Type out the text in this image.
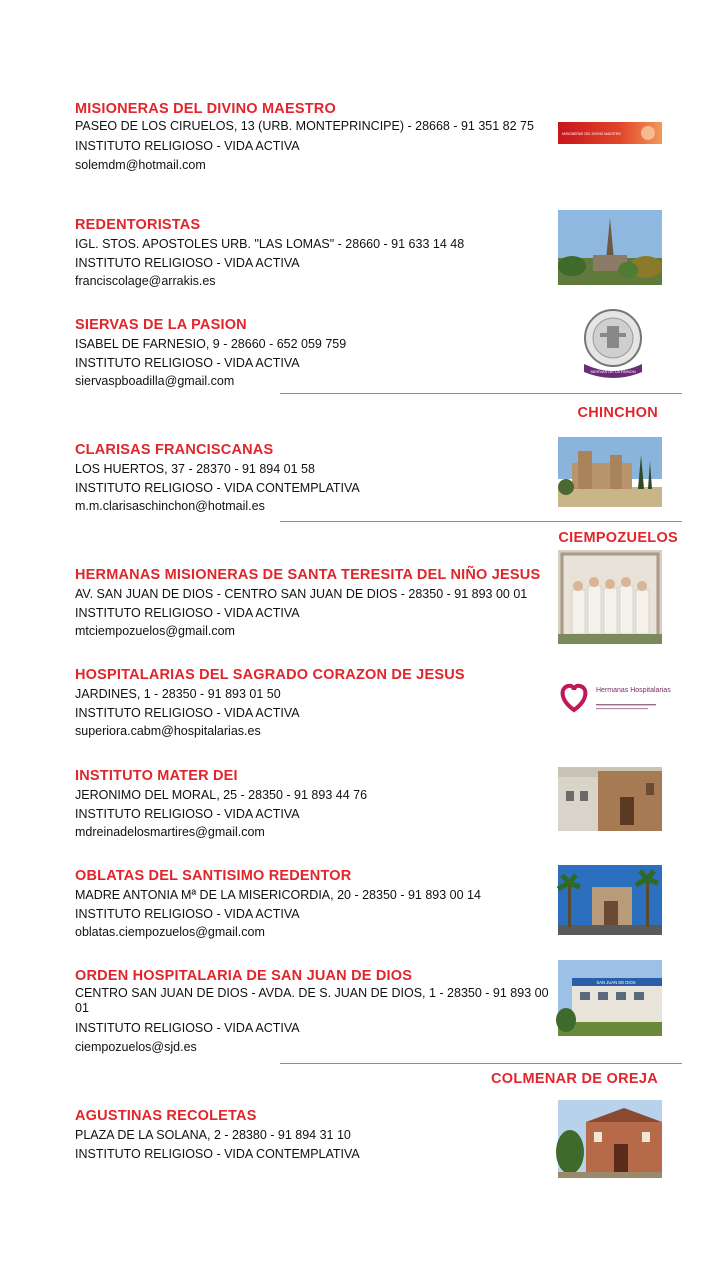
MISIONERAS DEL DIVINO MAESTRO

PASEO DE LOS CIRUELOS, 13 (URB. MONTEPRINCIPE) - 28668 - 91 351 82 75

INSTITUTO RELIGIOSO - VIDA ACTIVA

solemdm@hotmail.com

MISIONERAS DEL DIVINO MAESTRO

REDENTORISTAS

IGL. STOS. APOSTOLES URB. "LAS LOMAS" - 28660 - 91 633 14 48

INSTITUTO RELIGIOSO - VIDA ACTIVA

franciscolage@arrakis.es

SIERVAS DE LA PASION

ISABEL DE FARNESIO, 9 - 28660 - 652 059 759

INSTITUTO RELIGIOSO - VIDA ACTIVA

siervaspboadilla@gmail.com

SIERVAS DE LA PASION
CHINCHON

CLARISAS FRANCISCANAS

LOS HUERTOS, 37 - 28370 - 91 894 01 58

INSTITUTO RELIGIOSO - VIDA CONTEMPLATIVA

m.m.clarisaschinchon@hotmail.es

CIEMPOZUELOS

HERMANAS MISIONERAS DE SANTA TERESITA DEL NIÑO JESUS

AV. SAN JUAN DE DIOS - CENTRO SAN JUAN DE DIOS - 28350 - 91 893 00 01

INSTITUTO RELIGIOSO - VIDA ACTIVA

mtciempozuelos@gmail.com

HOSPITALARIAS DEL SAGRADO CORAZON DE JESUS

JARDINES, 1 - 28350 - 91 893 01 50

INSTITUTO RELIGIOSO - VIDA ACTIVA

superiora.cabm@hospitalarias.es

Hermanas Hospitalarias

INSTITUTO MATER DEI

JERONIMO DEL MORAL, 25 - 28350 - 91 893 44 76

INSTITUTO RELIGIOSO - VIDA ACTIVA

mdreinadelosmartires@gmail.com

OBLATAS DEL SANTISIMO REDENTOR

MADRE ANTONIA Mª DE LA MISERICORDIA, 20 - 28350 - 91 893 00 14

INSTITUTO RELIGIOSO - VIDA ACTIVA

oblatas.ciempozuelos@gmail.com

ORDEN HOSPITALARIA DE SAN JUAN DE DIOS

CENTRO SAN JUAN DE DIOS - AVDA. DE S. JUAN DE DIOS, 1 - 28350 - 91 893 00 01

INSTITUTO RELIGIOSO - VIDA ACTIVA

ciempozuelos@sjd.es

SAN JUAN DE DIOS
COLMENAR DE OREJA

AGUSTINAS RECOLETAS

PLAZA DE LA SOLANA, 2 - 28380 - 91 894 31 10

INSTITUTO RELIGIOSO - VIDA CONTEMPLATIVA
